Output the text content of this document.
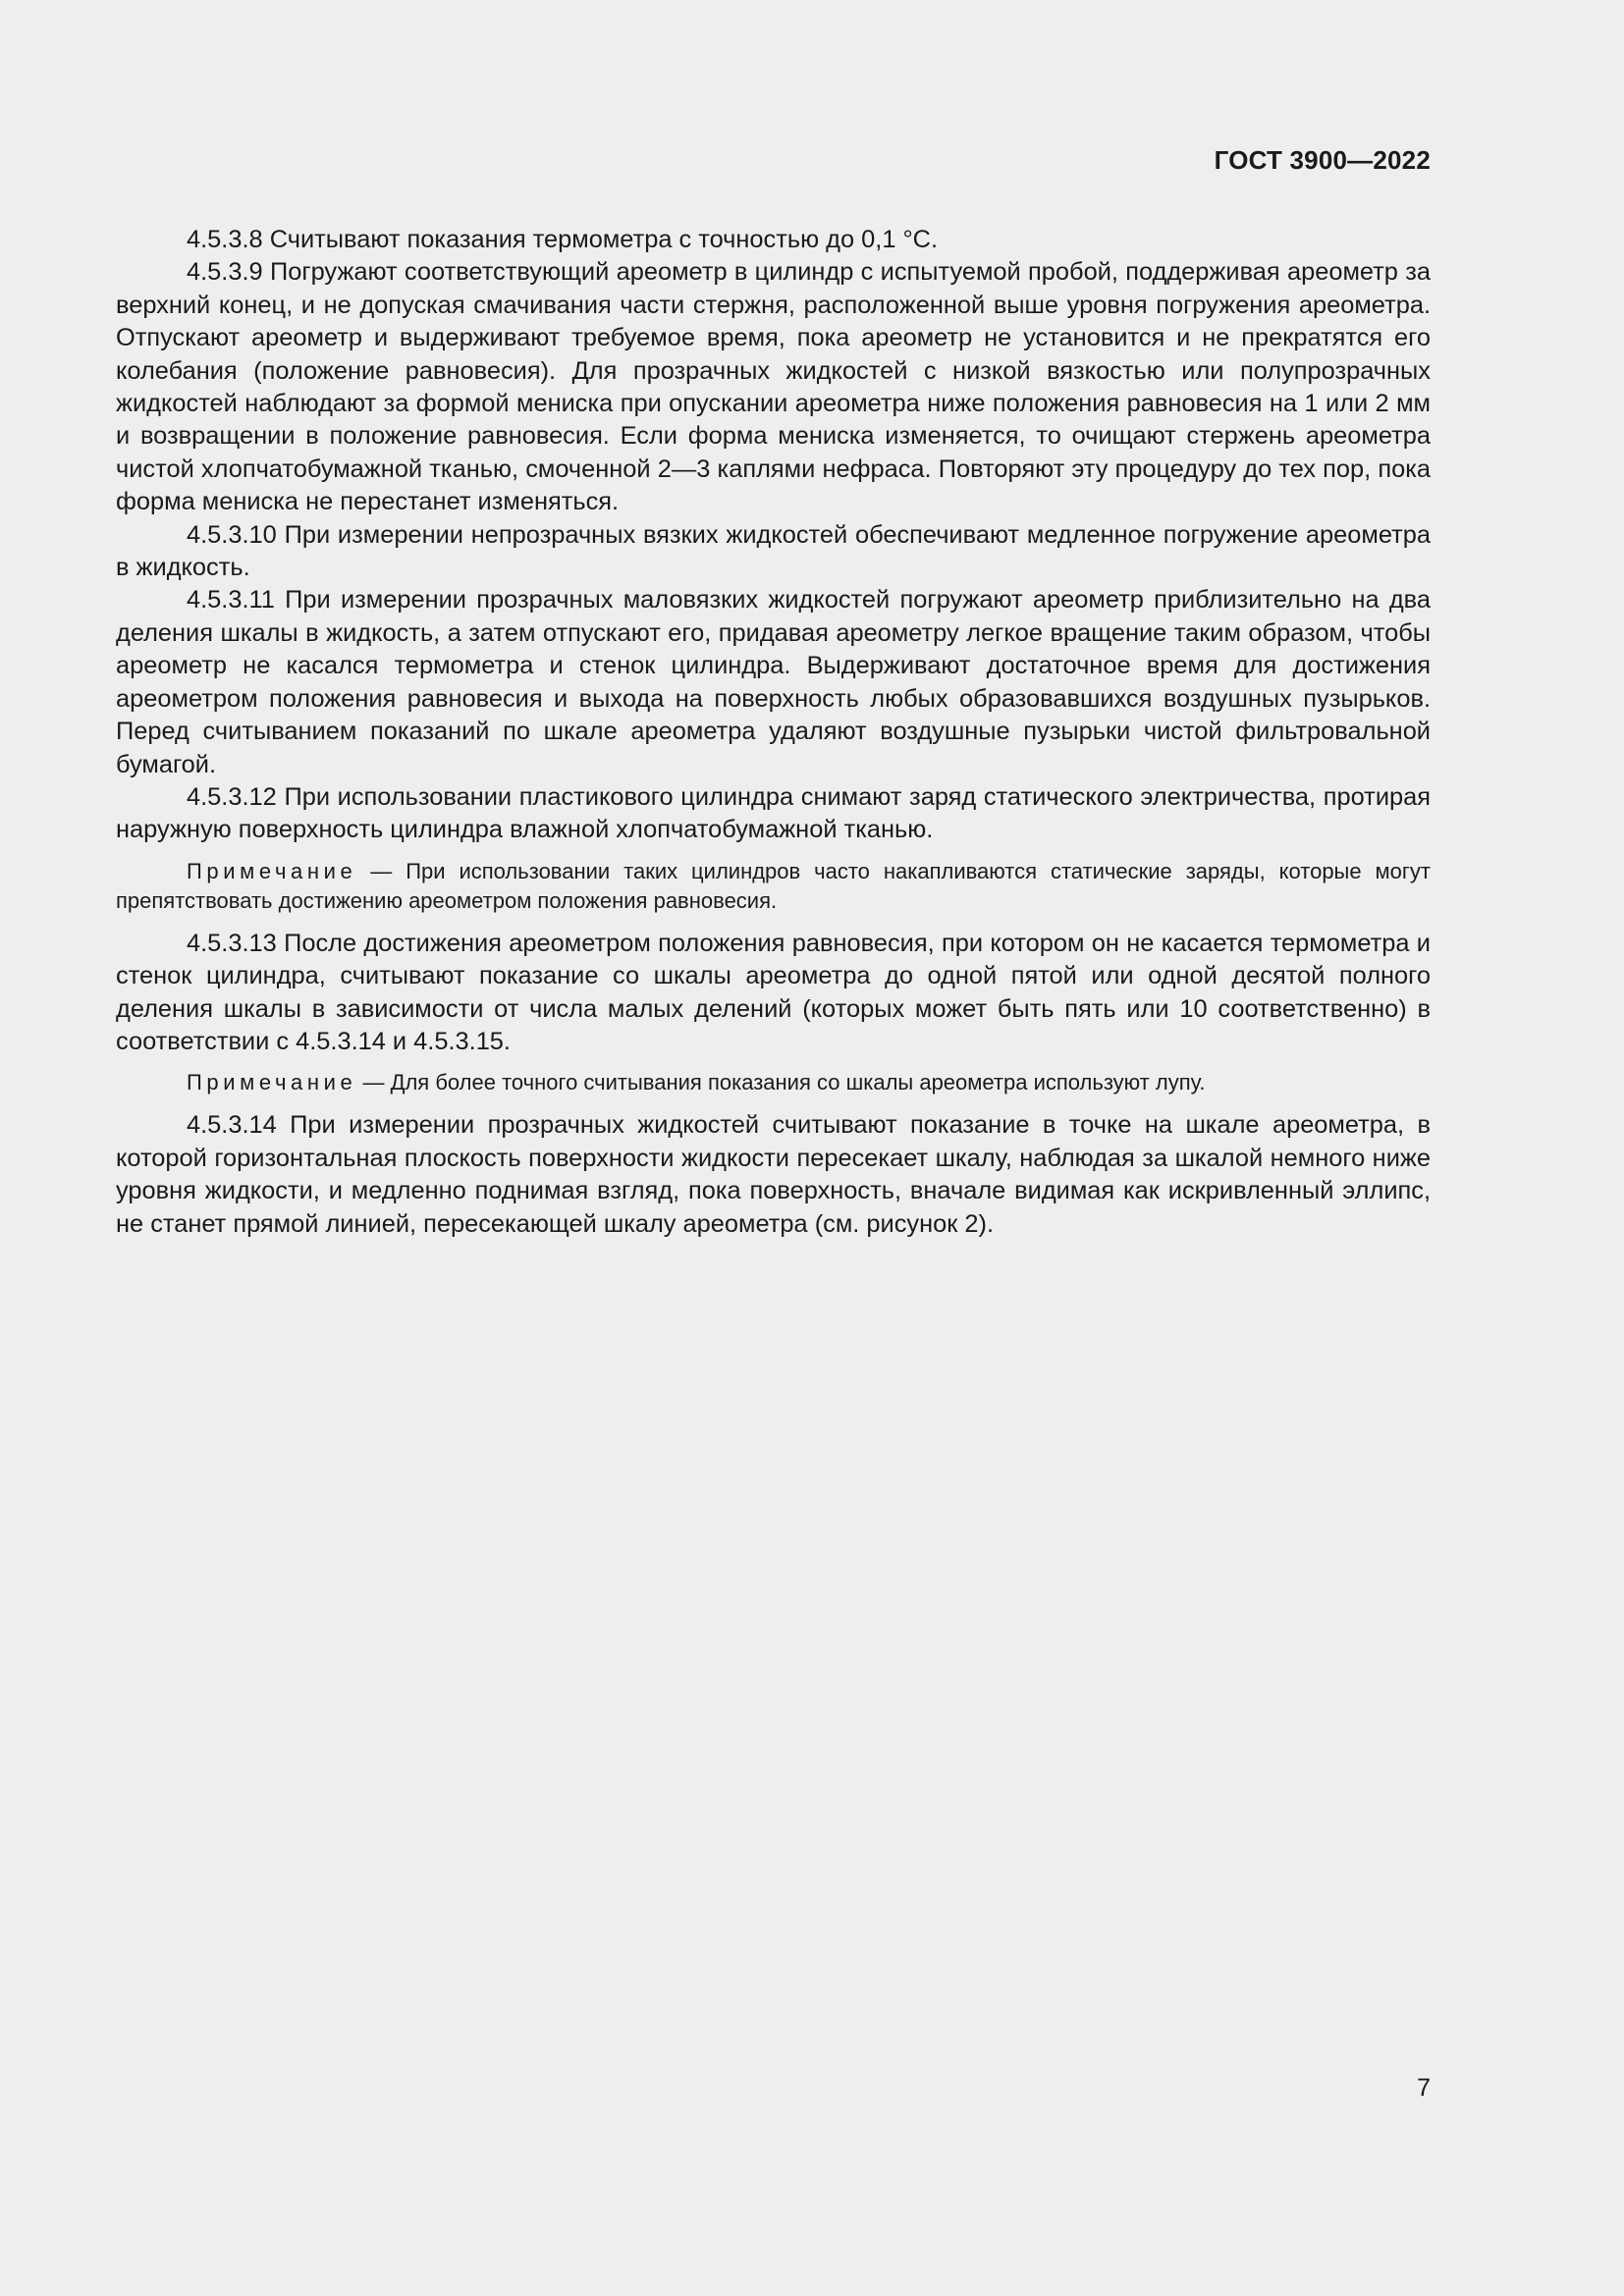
ГОСТ 3900—2022

4.5.3.8 Считывают показания термометра с точностью до 0,1 °С.

4.5.3.9 Погружают соответствующий ареометр в цилиндр с испытуемой пробой, поддерживая ареометр за верхний конец, и не допуская смачивания части стержня, расположенной выше уровня погружения ареометра. Отпускают ареометр и выдерживают требуемое время, пока ареометр не установится и не прекратятся его колебания (положение равновесия). Для прозрачных жидкостей с низкой вязкостью или полупрозрачных жидкостей наблюдают за формой мениска при опускании ареометра ниже положения равновесия на 1 или 2 мм и возвращении в положение равновесия. Если форма мениска изменяется, то очищают стержень ареометра чистой хлопчатобумажной тканью, смоченной 2—3 каплями нефраса. Повторяют эту процедуру до тех пор, пока форма мениска не перестанет изменяться.

4.5.3.10 При измерении непрозрачных вязких жидкостей обеспечивают медленное погружение ареометра в жидкость.

4.5.3.11 При измерении прозрачных маловязких жидкостей погружают ареометр приблизительно на два деления шкалы в жидкость, а затем отпускают его, придавая ареометру легкое вращение таким образом, чтобы ареометр не касался термометра и стенок цилиндра. Выдерживают достаточное время для достижения ареометром положения равновесия и выхода на поверхность любых образовавшихся воздушных пузырьков. Перед считыванием показаний по шкале ареометра удаляют воздушные пузырьки чистой фильтровальной бумагой.

4.5.3.12 При использовании пластикового цилиндра снимают заряд статического электричества, протирая наружную поверхность цилиндра влажной хлопчатобумажной тканью.

Примечание — При использовании таких цилиндров часто накапливаются статические заряды, которые могут препятствовать достижению ареометром положения равновесия.

4.5.3.13 После достижения ареометром положения равновесия, при котором он не касается термометра и стенок цилиндра, считывают показание со шкалы ареометра до одной пятой или одной десятой полного деления шкалы в зависимости от числа малых делений (которых может быть пять или 10 соответственно) в соответствии с 4.5.3.14 и 4.5.3.15.

Примечание — Для более точного считывания показания со шкалы ареометра используют лупу.

4.5.3.14 При измерении прозрачных жидкостей считывают показание в точке на шкале ареометра, в которой горизонтальная плоскость поверхности жидкости пересекает шкалу, наблюдая за шкалой немного ниже уровня жидкости, и медленно поднимая взгляд, пока поверхность, вначале видимая как искривленный эллипс, не станет прямой линией, пересекающей шкалу ареометра (см. рисунок 2).

7
